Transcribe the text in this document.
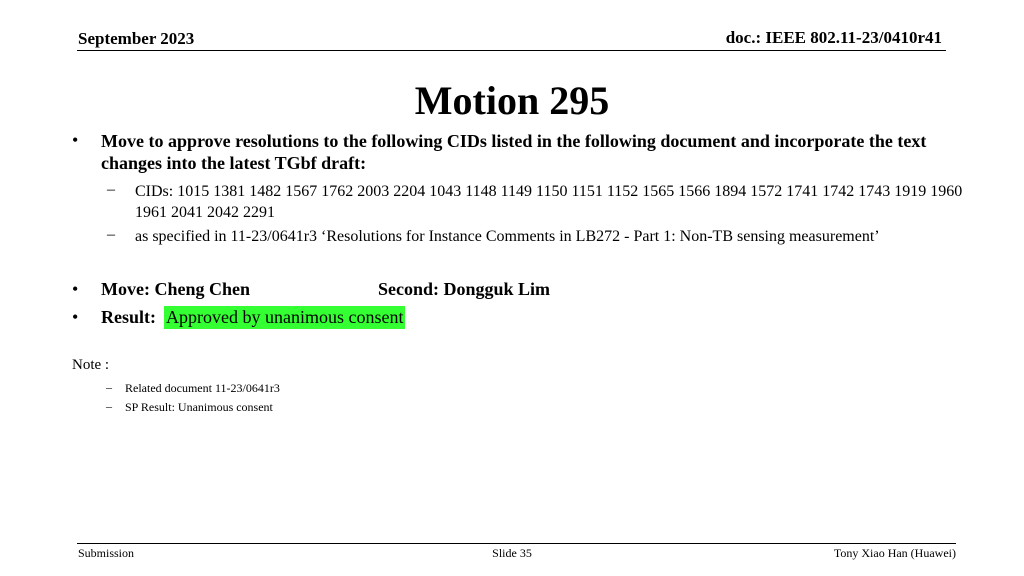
September 2023	doc.: IEEE 802.11-23/0410r41
Motion 295
• Move to approve resolutions to the following CIDs listed in the following document and incorporate the text changes into the latest TGbf draft:
– CIDs: 1015 1381 1482 1567 1762 2003 2204 1043 1148 1149 1150 1151 1152 1565 1566 1894 1572 1741 1742 1743 1919 1960 1961 2041 2042 2291
– as specified in 11-23/0641r3 ‘Resolutions for Instance Comments in LB272 - Part 1: Non-TB sensing measurement’
• Move: Cheng Chen	Second: Dongguk Lim
• Result: Approved by unanimous consent
Note :
– Related document 11-23/0641r3
– SP Result: Unanimous consent
Submission	Slide 35	Tony Xiao Han (Huawei)
